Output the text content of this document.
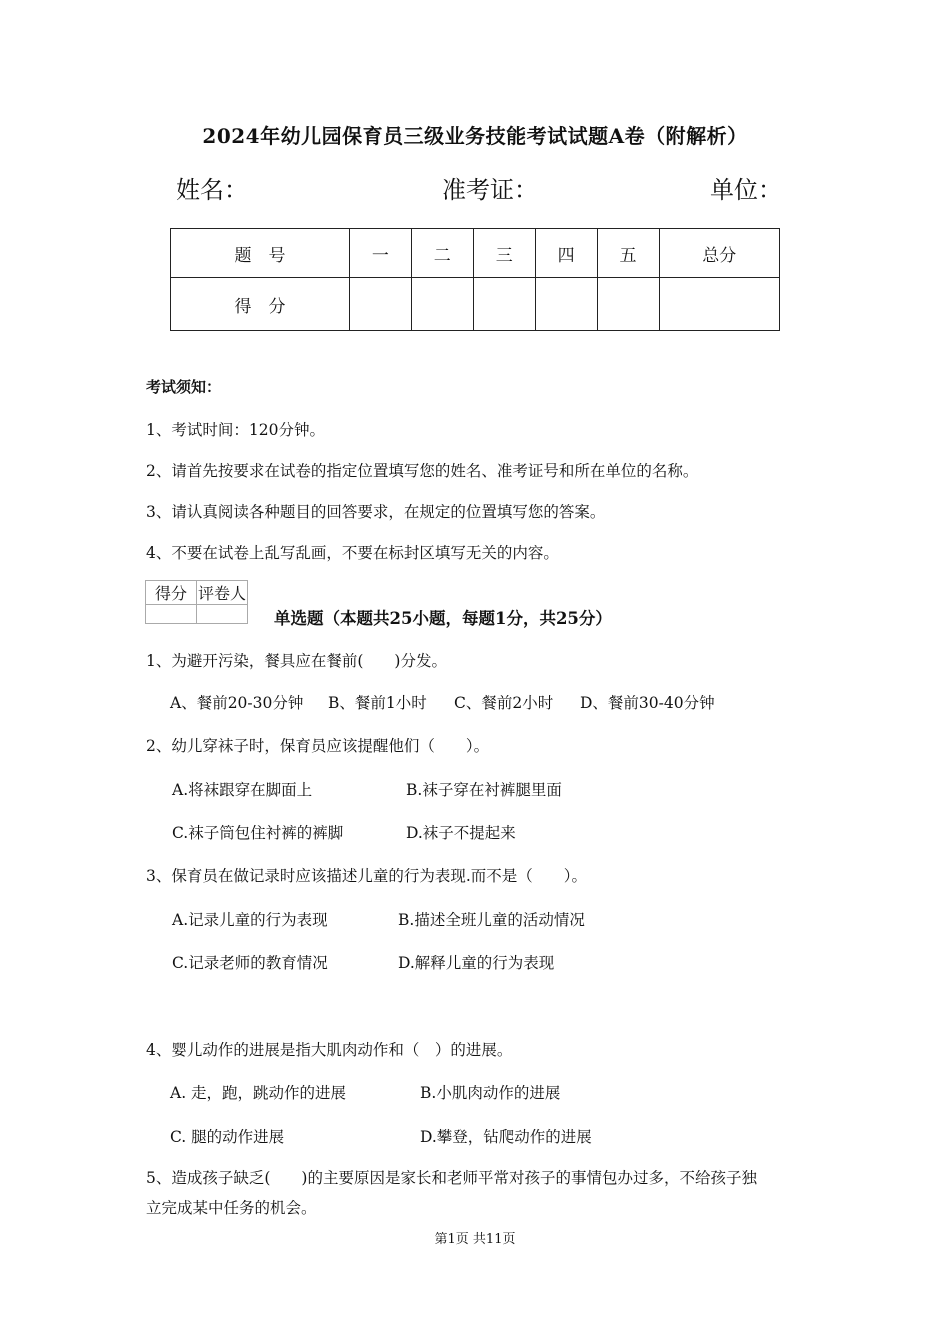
2024年幼儿园保育员三级业务技能考试试题A卷（附解析）
姓名：	准考证：	单位：
题　号	一	二	三	四	五	总分
得　分						
考试须知：
1、考试时间：120分钟。
2、请首先按要求在试卷的指定位置填写您的姓名、准考证号和所在单位的名称。
3、请认真阅读各种题目的回答要求，在规定的位置填写您的答案。
4、不要在试卷上乱写乱画，不要在标封区填写无关的内容。
得分	评卷人

单选题（本题共25小题，每题1分，共25分）
1、为避开污染，餐具应在餐前(　　)分发。
A、餐前20-30分钟 B、餐前1小时 C、餐前2小时 D、餐前30-40分钟
2、幼儿穿袜子时，保育员应该提醒他们（　　）。
A.将袜跟穿在脚面上	B.袜子穿在衬裤腿里面
C.袜子筒包住衬裤的裤脚	D.袜子不提起来
3、保育员在做记录时应该描述儿童的行为表现.而不是（　　）。
A.记录儿童的行为表现	B.描述全班儿童的活动情况
C.记录老师的教育情况	D.解释儿童的行为表现
4、婴儿动作的进展是指大肌肉动作和（　）的进展。
A. 走，跑，跳动作的进展	B.小肌肉动作的进展
C. 腿的动作进展	D.攀登，钻爬动作的进展
5、造成孩子缺乏(　　)的主要原因是家长和老师平常对孩子的事情包办过多，不给孩子独
立完成某中任务的机会。
第1页 共11页
